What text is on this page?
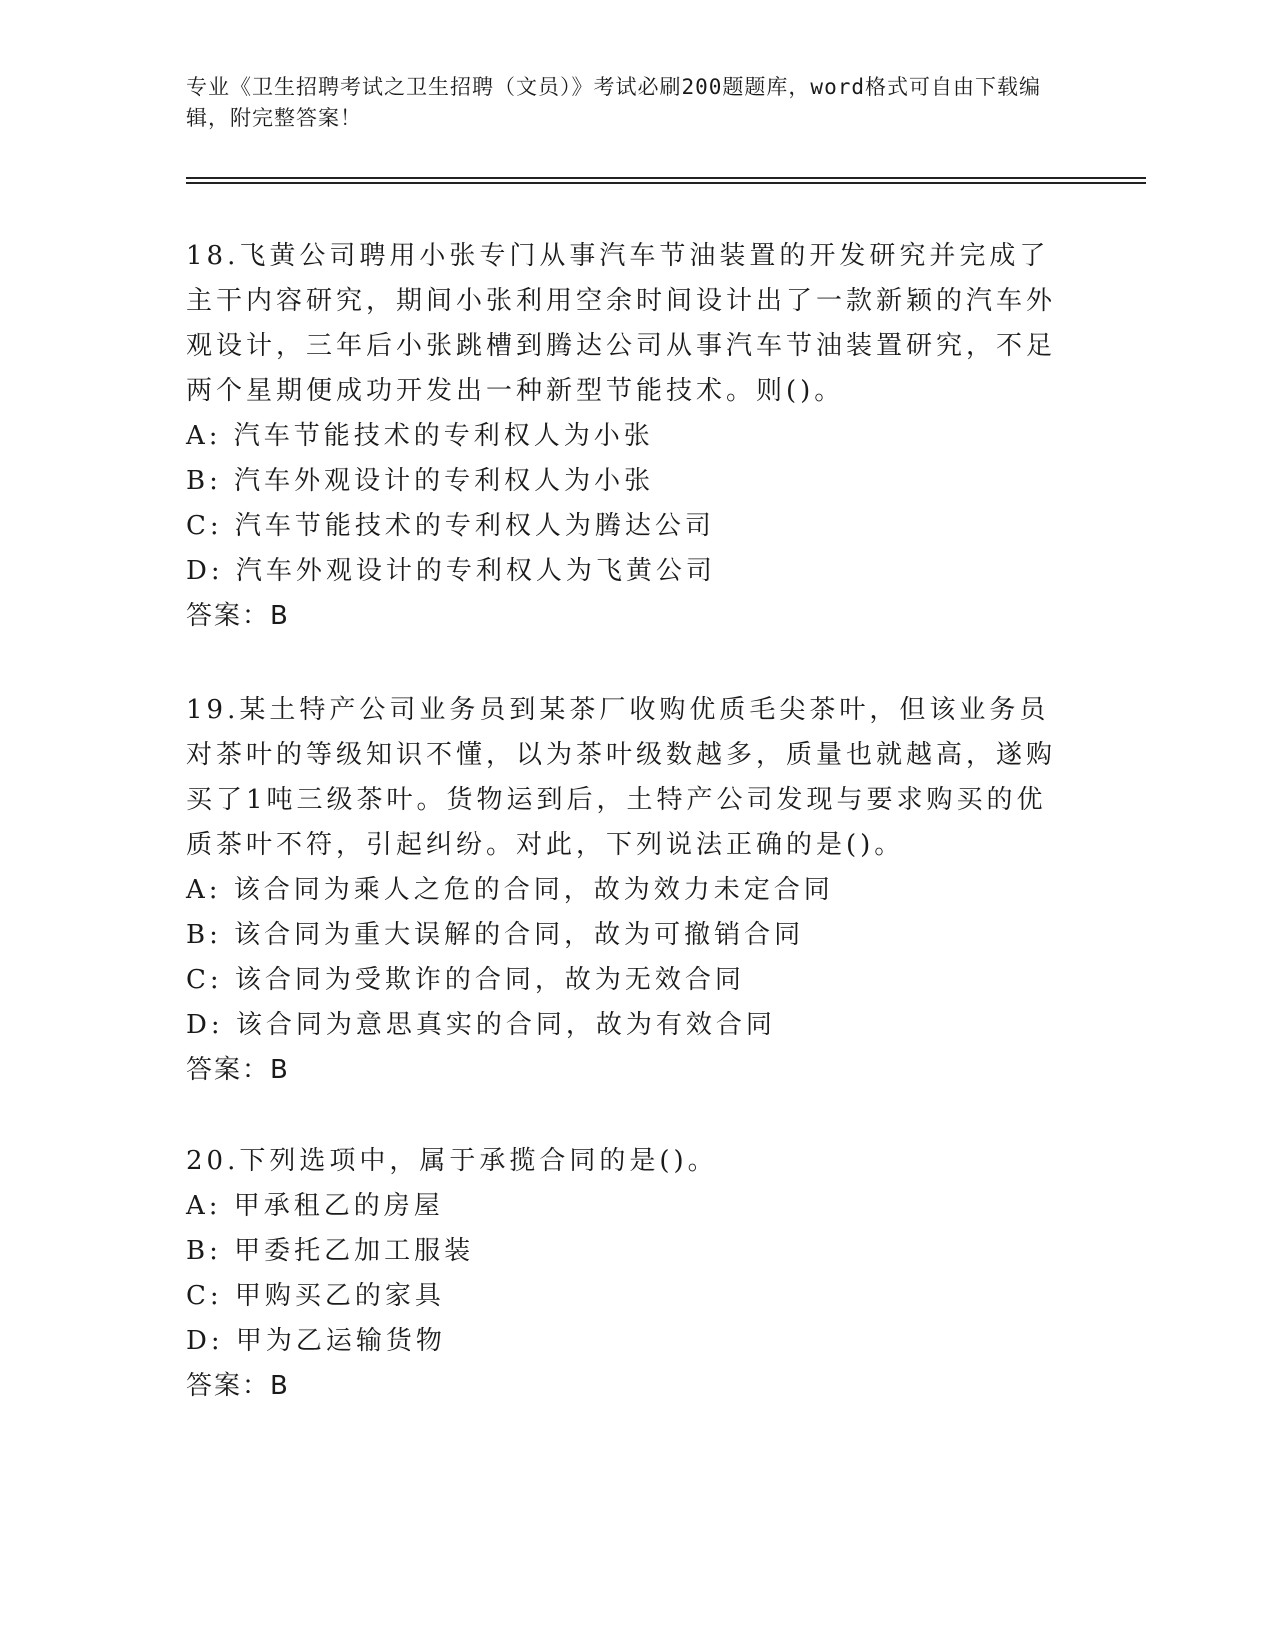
专业《卫生招聘考试之卫生招聘（文员）》考试必刷200题题库，word格式可自由下载编辑，附完整答案！

18.飞黄公司聘用小张专门从事汽车节油装置的开发研究并完成了主干内容研究，期间小张利用空余时间设计出了一款新颖的汽车外观设计，三年后小张跳槽到腾达公司从事汽车节油装置研究，不足两个星期便成功开发出一种新型节能技术。则()。

A: 汽车节能技术的专利权人为小张

B: 汽车外观设计的专利权人为小张

C: 汽车节能技术的专利权人为腾达公司

D: 汽车外观设计的专利权人为飞黄公司

答案：B

19.某土特产公司业务员到某茶厂收购优质毛尖茶叶，但该业务员对茶叶的等级知识不懂，以为茶叶级数越多，质量也就越高，遂购买了1吨三级茶叶。货物运到后，土特产公司发现与要求购买的优质茶叶不符，引起纠纷。对此，下列说法正确的是()。

A: 该合同为乘人之危的合同，故为效力未定合同

B: 该合同为重大误解的合同，故为可撤销合同

C: 该合同为受欺诈的合同，故为无效合同

D: 该合同为意思真实的合同，故为有效合同

答案：B

20.下列选项中，属于承揽合同的是()。

A: 甲承租乙的房屋

B: 甲委托乙加工服装

C: 甲购买乙的家具

D: 甲为乙运输货物

答案：B
